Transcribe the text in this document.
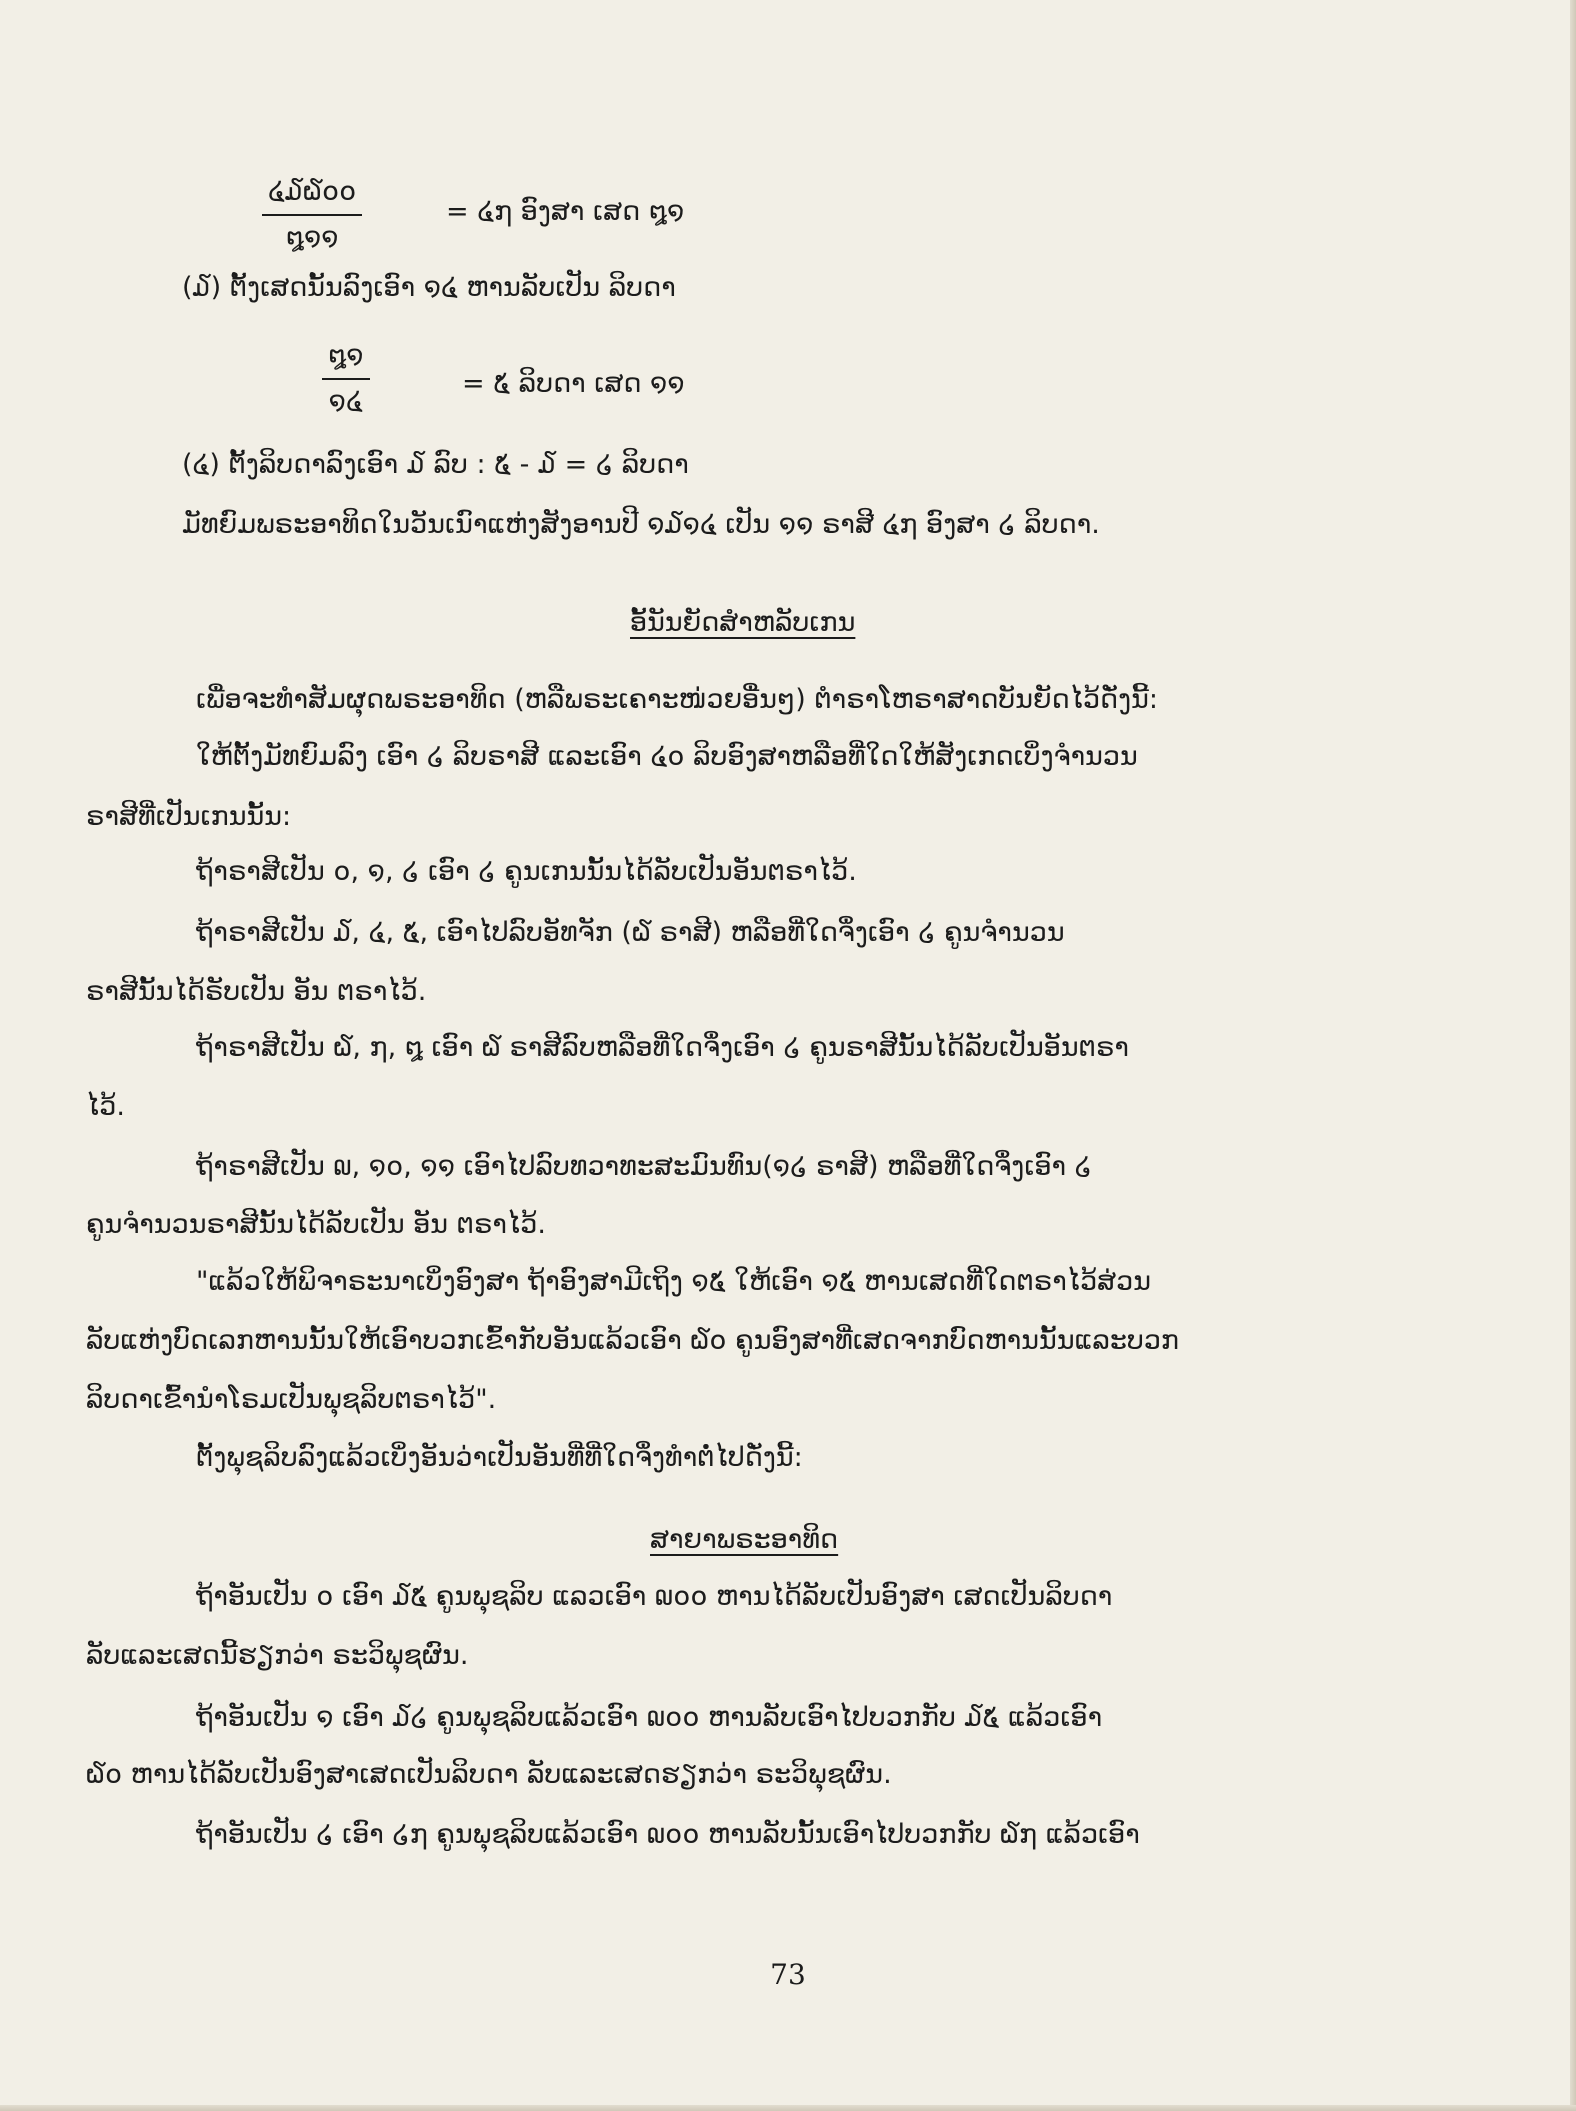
໔໓໖໐໐
໘໑໑
= ໔໗ ອົງສາ ເສດ ໘໑
(໓) ຕັ້ງເສດນັ້ນລົງເອົາ ໑໔ ຫານລັບເປັນ ລິບດາ
໘໑
໑໔
= ໕ ລິບດາ ເສດ ໑໑
(໔) ຕັ້ງລິບດາລົງເອົາ ໓ ລົບ : ໕ - ໓ = ໒ ລິບດາ
ມັທຍົມພຣະອາທິດໃນວັນເນົາແຫ່ງສັງອານປີ ໑໓໑໔ ເປັນ ໑໑ ຣາສີ ໔໗ ອົງສາ ໒ ລິບດາ.
ອັ້ນັນຍັດສຳຫລັບເກນ
ເພື່ອຈະທຳສັມຜຸດພຣະອາທິດ (ຫລືພຣະເຄາະໜ່ວຍອື່ນໆ) ຕຳຣາໂຫຣາສາດບັນຍັດໄວ້ດັ່ງນີ້:
ໃຫ້ຕັ້ງມັທຍົມລົງ ເອົາ ໒ ລິບຣາສີ ແລະເອົາ ໔໐ ລິບອົງສາຫລືອທີ່ໃດໃຫ້ສັງເກດເບິ່ງຈຳນວນ
ຣາສີທີ່ເປັນເກນນັ້ນ:
ຖ້າຣາສີເປັນ ໐, ໑, ໒ ເອົາ ໒ ຄູນເກນນັ້ນໄດ້ລັບເປັນອັນຕຣາໄວ້.
ຖ້າຣາສີເປັນ ໓, ໔, ໕, ເອົາໄປລົບອັທຈັກ (໖ ຣາສີ) ຫລືອທີ່ໃດຈຶ່ງເອົາ ໒ ຄູນຈຳນວນ
ຣາສີນັ້ນໄດ້ຣັບເປັນ ອັນ ຕຣາໄວ້.
ຖ້າຣາສີເປັນ ໖, ໗, ໘ ເອົາ ໖ ຣາສີລົບຫລືອທີ່ໃດຈຶ່ງເອົາ ໒ ຄູນຣາສີນັ້ນໄດ້ລັບເປັນອັນຕຣາ
ໄວ້.
ຖ້າຣາສີເປັນ ໙, ໑໐, ໑໑ ເອົາໄປລົບທວາທະສະມົນທົນ(໑໒ ຣາສີ) ຫລືອທີ່ໃດຈຶ່ງເອົາ ໒
ຄູນຈຳນວນຣາສີນັ້ນໄດ້ລັບເປັນ ອັນ ຕຣາໄວ້.
"ແລ້ວໃຫ້ພິຈາຣະນາເບິ່ງອົງສາ ຖ້າອົງສາມີເຖິງ ໑໕ ໃຫ້ເອົາ ໑໕ ຫານເສດທີ່ໃດຕຣາໄວ້ສ່ວນ
ລັບແຫ່ງບົດເລກຫານນັ້ນໃຫ້ເອົາບວກເຂົ້າກັບອັນແລ້ວເອົາ ໖໐ ຄູນອົງສາທີ່ເສດຈາກບົດຫານນັ້ນແລະບວກ
ລິບດາເຂົ້ານຳໂຣມເປັນພຸຊລິບຕຣາໄວ້".
ຕັ້ງພຸຊລິບລົງແລ້ວເບິ່ງອັນວ່າເປັນອັນທີ່ທີ່ໃດຈຶ່ງທຳຕໍ່ໄປດັ່ງນີ້:
ສາຍາພຣະອາທິດ
ຖ້າອັນເປັນ ໐ ເອົາ ໓໕ ຄູນພຸຊລິບ ແລວເອົາ ໙໐໐ ຫານໄດ້ລັບເປັນອົງສາ ເສດເປັນລິບດາ
ລັບແລະເສດນີ້ຮຽກວ່າ ຣະວິພຸຊຜົນ.
ຖ້າອັນເປັນ ໑ ເອົາ ໓໒ ຄູນພຸຊລິບແລ້ວເອົາ ໙໐໐ ຫານລັບເອົາໄປບວກກັບ ໓໕ ແລ້ວເອົາ
໖໐ ຫານໄດ້ລັບເປັນອົງສາເສດເປັນລິບດາ ລັບແລະເສດຮຽກວ່າ ຣະວິພຸຊຜົນ.
ຖ້າອັນເປັນ ໒ ເອົາ ໒໗ ຄູນພຸຊລິບແລ້ວເອົາ ໙໐໐ ຫານລັບນັ້ນເອົາໄປບວກກັບ ໖໗ ແລ້ວເອົາ
73
